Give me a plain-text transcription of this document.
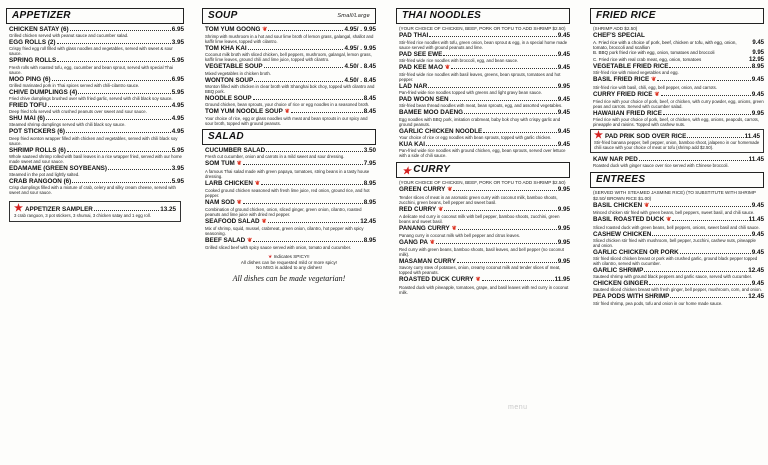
APPETIZER
CHICKEN SATAY (6)	6.95
Grilled chicken served with peanut sauce and cucumber salad.
EGG ROLLS (2)	3.95
Crispy fried egg roll filled with glass noodles and vegetables, served with sweet & sour sauce.
SPRING ROLLS	5.95
Fresh rolls with roasted tofu, egg, cucumber and bean sprout, served with special Thai sauce.
MOO PING (6)	6.95
Grilled marinated pork in Thai spices served with chili-cilantro sauce.
CHIVE DUMPLINGS (4)	5.95
Fried chive dumplings brushed over with fried garlic, served with chili black soy sauce.
FRIED TOFU	4.95
Deep fried tofu served with crushed peanuts over sweet and sour sauce.
SHU MAI (6)	4.95
Steamed shrimp dumplings served with chili black soy sauce.
POT STICKERS (6)	4.95
Deep fried wonton wrapper filled with chicken and vegetables, served with chili black soy sauce.
SHRIMP ROLLS (6)	5.95
Whole sauteed shrimp rolled with basil leaves in a rice wrapper fried, served with our home made sweet and sour sauce.
EDAMAME (GREEN SOYBEANS)	3.95
Steamed in the pot and lightly salted.
CRAB RANGOON (6)	5.95
Crisp dumplings filled with a mixture of crab, celery and silky cream cheese, served with sweet and sour sauce.
★ APPETIZER SAMPLER	13.25
3 crab rangoon, 3 pot stickers, 3 shumai, 3 chicken satay and 1 egg roll.
SOUP	Small/Large
TOM YUM GOONG ❦	4.95/ . 9.95
Shrimp with mushroom in a hot and sour lime broth of lemon grass, galangal, shallot and kaffir lime leaves, topped with cilantro.
TOM KHA KAI	4.95/ . 9.95
Coconut milk broth with sliced chicken, bell peppers, mushroom, galangal, lemon grass, kaffir lime leaves, ground chili and lime juice, topped with cilantro.
VEGETABLE SOUP	4.50/ . 8.45
Mixed vegetables in chicken broth.
WONTON SOUP	4.50/ . 8.45
Wonton filled with chicken in clear broth with Shanghai bok choy, topped with cilantro and BBQ pork.
NOODLE SOUP	8.45
Ground chicken, bean sprouts, your choice of rice or egg noodles in a seasoned broth.
TOM YUM NOODLE SOUP ❦	8.45
Your choice of rice, egg or glass noodles with meat and bean sprouts in our spicy and sour broth, topped with ground peanuts.
SALAD
CUCUMBER SALAD	3.50
Fresh cut cucumber, onion and carrots in a mild sweet and sour dressing.
SOM TUM ❦	7.95
A famous Thai salad made with green papaya, tomatoes, string beans in a tasty house dressing.
LARB CHICKEN ❦	8.95
Cooked ground chicken seasoned with fresh lime juice, red onion, ground rice, and hot pepper.
NAM SOD ❦	8.95
Combination of ground chicken, onion, sliced ginger, green onion, cilantro, roasted peanuts and lime juice with dried red pepper.
SEAFOOD SALAD ❦	12.45
Mix of shrimp, squid, mussel, crabmeat, green onion, cilantro, hot pepper with spicy seasoning.
BEEF SALAD ❦	8.95
Grilled sliced beef with spicy sauce served with onion, tomato and cucumber.
❦ Indicates SPICY!!
All dishes can be requested mild or more spicy!
No MSG is added to any dishes!
All dishes can be made vegetarian!
THAI NOODLES
(YOUR CHOICE OF CHICKEN, BEEF, PORK OR TOFU TO ADD SHRIMP $2.50)
PAD THAI	9.45
Stir-fried rice noodles with tofu, green onion, bean sprout & egg, in a special home made sauce served with ground peanuts and lime.
PAD SEE EWE	9.45
Stir-fried wide rice noodles with broccoli, egg, and bean sauce.
PAD KEE MAO ❦	9.45
Stir-fried wide rice noodles with basil leaves, greens, bean sprouts, tomatoes and hot pepper.
LAD NAR	9.95
Pan-fried wide rice noodles topped with greens and light gravy bean sauce.
PAD WOON SEN	9.45
Stir-fried bean thread noodles with meat, bean sprouts, egg, and assorted vegetables.
BAMEE MOO DAENG	9.45
Egg noodles with BBQ pork, imitation crabmeat, baby bok choy with crispy garlic and ground peanuts.
GARLIC CHICKEN NOODLE	9.45
Your choice of rice or egg noodles with bean sprouts, topped with garlic chicken.
KUA KAI	9.45
Pan-fried wide rice noodles with ground chicken, egg, bean sprouts, served over lettuce with a side of chili sauce.
★ CURRY
(YOUR CHOICE OF CHICKEN, BEEF, PORK OR TOFU TO ADD SHRIMP $2.50)
GREEN CURRY ❦	9.95
Tender slices of meat in an aromatic green curry with coconut milk, bamboo shoots, zucchini, green beans, bell pepper and sweet basil.
RED CURRY ❦	9.95
A delicate red curry in coconut milk with bell pepper, bamboo shoots, zucchini, green beans and sweet basil.
PANANG CURRY ❦	9.95
Panang curry in coconut milk with bell pepper and citrus leaves.
GANG PA ❦	9.95
Red curry with green beans, bamboo shoots, basil leaves, and bell pepper (no coconut milk).
MASAMAN CURRY	9.95
Savory curry stew of potatoes, onion, creamy coconut milk and tender slices of meat, topped with peanuts.
ROASTED DUCK CURRY ❦	11.95
Roasted duck with pineapple, tomatoes, grape, and basil leaves with red curry in coconut milk.
FRIED RICE
(SHRIMP ADD $2.50)
CHEF'S SPECIAL
A. Fried rice with a choice of pork, beef, chicken or tofu, with egg, onion, tomato, broccoli and scallion
9.45
B. BBQ pork fried rice with egg, onion, tomatoes and broccoli	9.95
C. Fried rice with real crab meat, egg, onion, tomatoes	12.95
VEGETABLE FRIED RICE	8.95
Stir-fried rice with mixed vegetables and egg.
BASIL FRIED RICE ❦	9.45
Stir-fried rice with basil, chili, egg, bell pepper, onion, and carrots.
CURRY FRIED RICE ❦	9.45
Fried rice with your choice of pork, beef, or chicken, with curry powder, egg, onions, green peas and carrots. Served with cucumber salad.
HAWAIIAN FRIED RICE	9.95
Fried rice with your choice of pork, beef, or chicken, with egg, onions, peapods, carrots, pineapple and raisins. Topped with cashew nuts.
★ PAD PRIK SOD OVER RICE	11.45
Stir-fried banana pepper, bell pepper, onion, bamboo shoot, jalapeno in our homemade chili sauce with your choice of meat or tofu (shrimp add $2.50).
KAW NAR PED	11.45
Roasted duck with ginger sauce over rice served with Chinese broccoli.
ENTREES
(SERVED WITH STEAMED JASMINE RICE) (TO SUBSTITUTE WITH SHRIMP $2.50/ BROWN RICE $1.00)
BASIL CHICKEN ❦	9.45
Minced chicken stir fried with green beans, bell peppers, sweet basil, and chili sauce.
BASIL ROASTED DUCK ❦	11.45
Sliced roasted duck with green beans, bell peppers, onions, sweet basil and chili sauce.
CASHEW CHICKEN	9.45
Sliced chicken stir fried with mushroom, bell pepper, zucchini, cashew nuts, pineapple and onion.
GARLIC CHICKEN OR PORK	9.45
Stir fried sliced chicken breast or pork with crushed garlic, ground black pepper topped with cilantro, served with cucumber.
GARLIC SHRIMP	12.45
Sauteed shrimp with ground black peppers and garlic sauce, served with cucumber.
CHICKEN GINGER	9.45
Sauteed sliced chicken breast with fresh ginger, bell pepper, mushroom, corn, and onion.
PEA PODS WITH SHRIMP	12.45
Stir fried shrimp, pea pods, tofu and onion in our home made sauce.
menu
